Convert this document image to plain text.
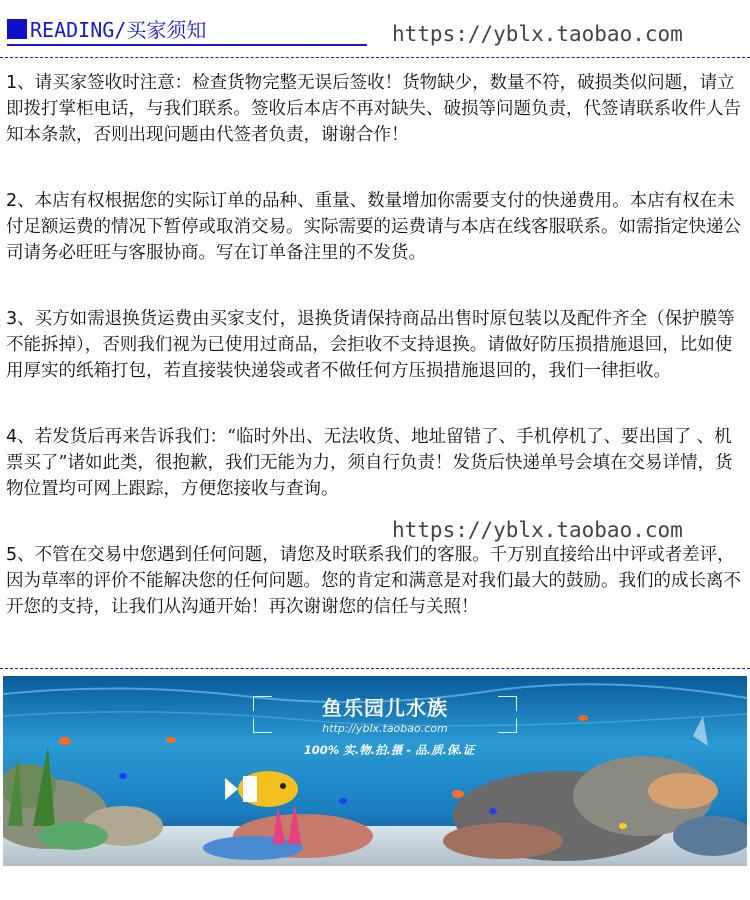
READING/买家须知	https://yblx.taobao.com

1、请买家签收时注意：检查货物完整无误后签收！货物缺少，数量不符，破损类似问题，请立即拨打掌柜电话，与我们联系。签收后本店不再对缺失、破损等问题负责，代签请联系收件人告知本条款，否则出现问题由代签者负责，谢谢合作！

2、本店有权根据您的实际订单的品种、重量、数量增加你需要支付的快递费用。本店有权在未付足额运费的情况下暂停或取消交易。实际需要的运费请与本店在线客服联系。如需指定快递公司请务必旺旺与客服协商。写在订单备注里的不发货。

3、买方如需退换货运费由买家支付，退换货请保持商品出售时原包装以及配件齐全（保护膜等不能拆掉），否则我们视为已使用过商品，会拒收不支持退换。请做好防压损措施退回，比如使用厚实的纸箱打包，若直接装快递袋或者不做任何方压损措施退回的，我们一律拒收。

4、若发货后再来告诉我们：“临时外出、无法收货、地址留错了、手机停机了、要出国了 、机票买了”诸如此类，很抱歉，我们无能为力，须自行负责！发货后快递单号会填在交易详情，货物位置均可网上跟踪，方便您接收与查询。

5、不管在交易中您遇到任何问题，请您及时联系我们的客服。千万别直接给出中评或者差评，因为草率的评价不能解决您的任何问题。您的肯定和满意是对我们最大的鼓励。我们的成长离不开您的支持，让我们从沟通开始！再次谢谢您的信任与关照！

https://yblx.taobao.com
鱼乐园儿水族
http://yblx.taobao.com
100% 实.物.拍.摄 - 品.质.保.证
